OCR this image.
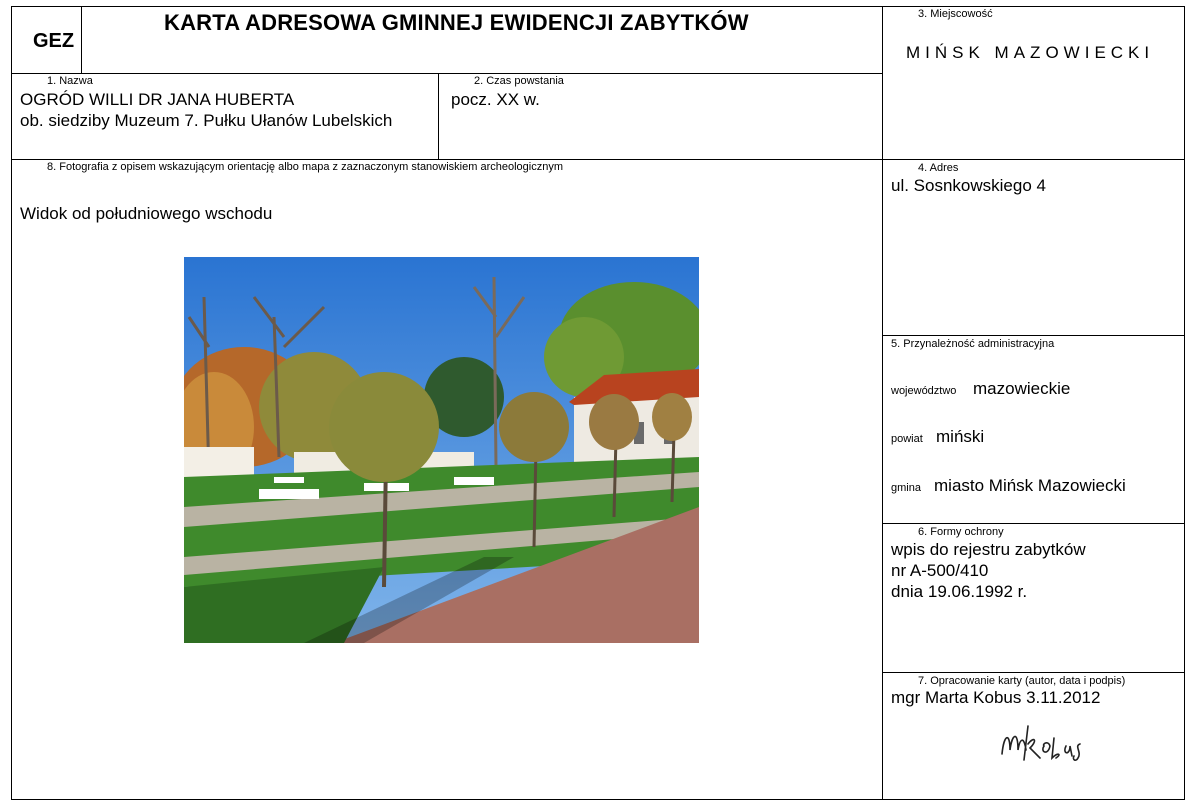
GEZ
KARTA ADRESOWA GMINNEJ EWIDENCJI ZABYTKÓW	3. Miejscowość
MIŃSK MAZOWIECKI
1. Nazwa
OGRÓD WILLI DR JANA HUBERTA
ob. siedziby Muzeum 7. Pułku Ułanów Lubelskich
2. Czas powstania
pocz. XX w.
8. Fotografia z opisem wskazującym orientację albo mapa z zaznaczonym stanowiskiem archeologicznym
Widok od południowego wschodu
4. Adres
ul. Sosnkowskiego 4
5. Przynależność administracyjna
województwo mazowieckie
powiat miński
gmina miasto Mińsk Mazowiecki
6. Formy ochrony
wpis do rejestru zabytków
nr A-500/410
dnia 19.06.1992 r.
7. Opracowanie karty (autor, data i podpis)
mgr Marta Kobus 3.11.2012
